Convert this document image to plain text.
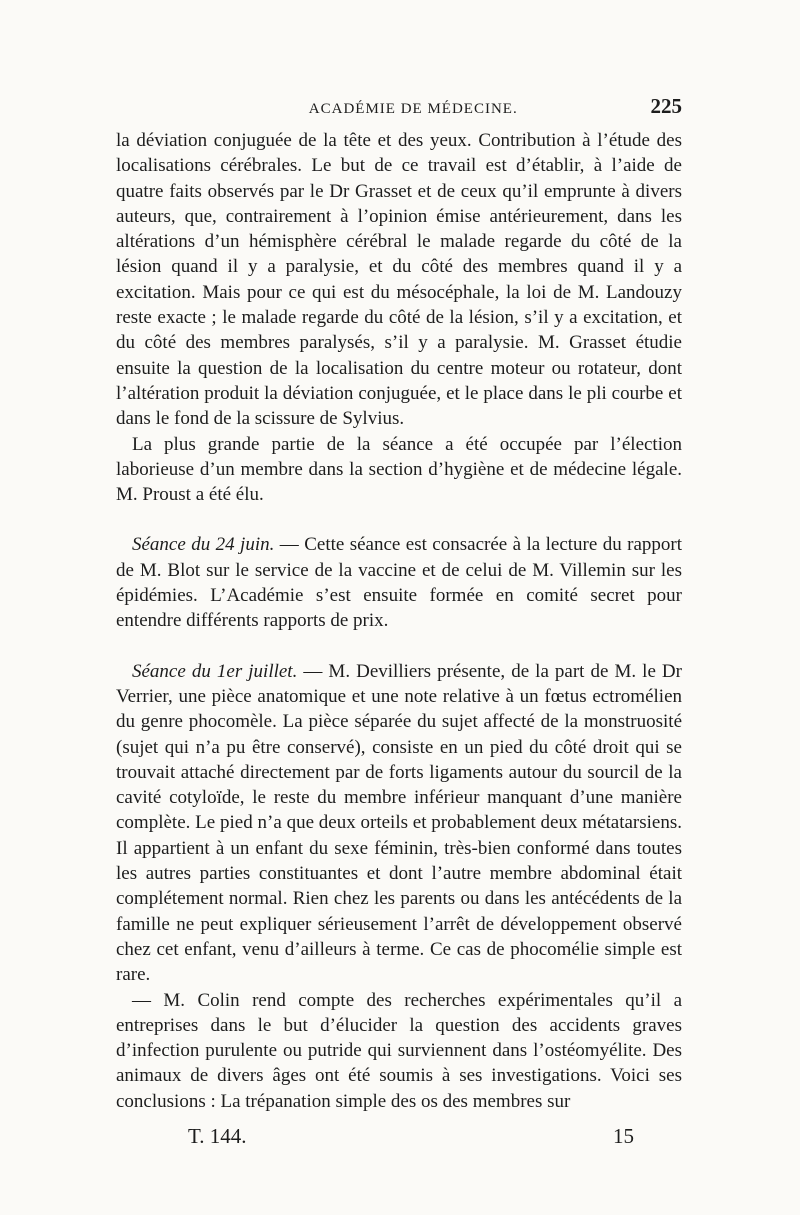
ACADÉMIE DE MÉDECINE.	225

la déviation conjuguée de la tête et des yeux. Contribution à l’étude des localisations cérébrales. Le but de ce travail est d’établir, à l’aide de quatre faits observés par le Dr Grasset et de ceux qu’il emprunte à divers auteurs, que, contrairement à l’opinion émise antérieurement, dans les altérations d’un hémisphère cérébral le malade regarde du côté de la lésion quand il y a paralysie, et du côté des membres quand il y a excitation. Mais pour ce qui est du mésocéphale, la loi de M. Landouzy reste exacte ; le malade regarde du côté de la lésion, s’il y a excitation, et du côté des membres paralysés, s’il y a paralysie. M. Grasset étudie ensuite la question de la localisation du centre moteur ou rotateur, dont l’altération produit la déviation conjuguée, et le place dans le pli courbe et dans le fond de la scissure de Sylvius.

La plus grande partie de la séance a été occupée par l’élection laborieuse d’un membre dans la section d’hygiène et de médecine légale. M. Proust a été élu.

Séance du 24 juin. — Cette séance est consacrée à la lecture du rapport de M. Blot sur le service de la vaccine et de celui de M. Villemin sur les épidémies. L’Académie s’est ensuite formée en comité secret pour entendre différents rapports de prix.

Séance du 1er juillet. — M. Devilliers présente, de la part de M. le Dr Verrier, une pièce anatomique et une note relative à un fœtus ectromélien du genre phocomèle. La pièce séparée du sujet affecté de la monstruosité (sujet qui n’a pu être conservé), consiste en un pied du côté droit qui se trouvait attaché directement par de forts ligaments autour du sourcil de la cavité cotyloïde, le reste du membre inférieur manquant d’une manière complète. Le pied n’a que deux orteils et probablement deux métatarsiens. Il appartient à un enfant du sexe féminin, très-bien conformé dans toutes les autres parties constituantes et dont l’autre membre abdominal était complétement normal. Rien chez les parents ou dans les antécédents de la famille ne peut expliquer sérieusement l’arrêt de développement observé chez cet enfant, venu d’ailleurs à terme. Ce cas de phocomélie simple est rare.

— M. Colin rend compte des recherches expérimentales qu’il a entreprises dans le but d’élucider la question des accidents graves d’infection purulente ou putride qui surviennent dans l’ostéomyélite. Des animaux de divers âges ont été soumis à ses investigations. Voici ses conclusions : La trépanation simple des os des membres sur

T. 144.	15
